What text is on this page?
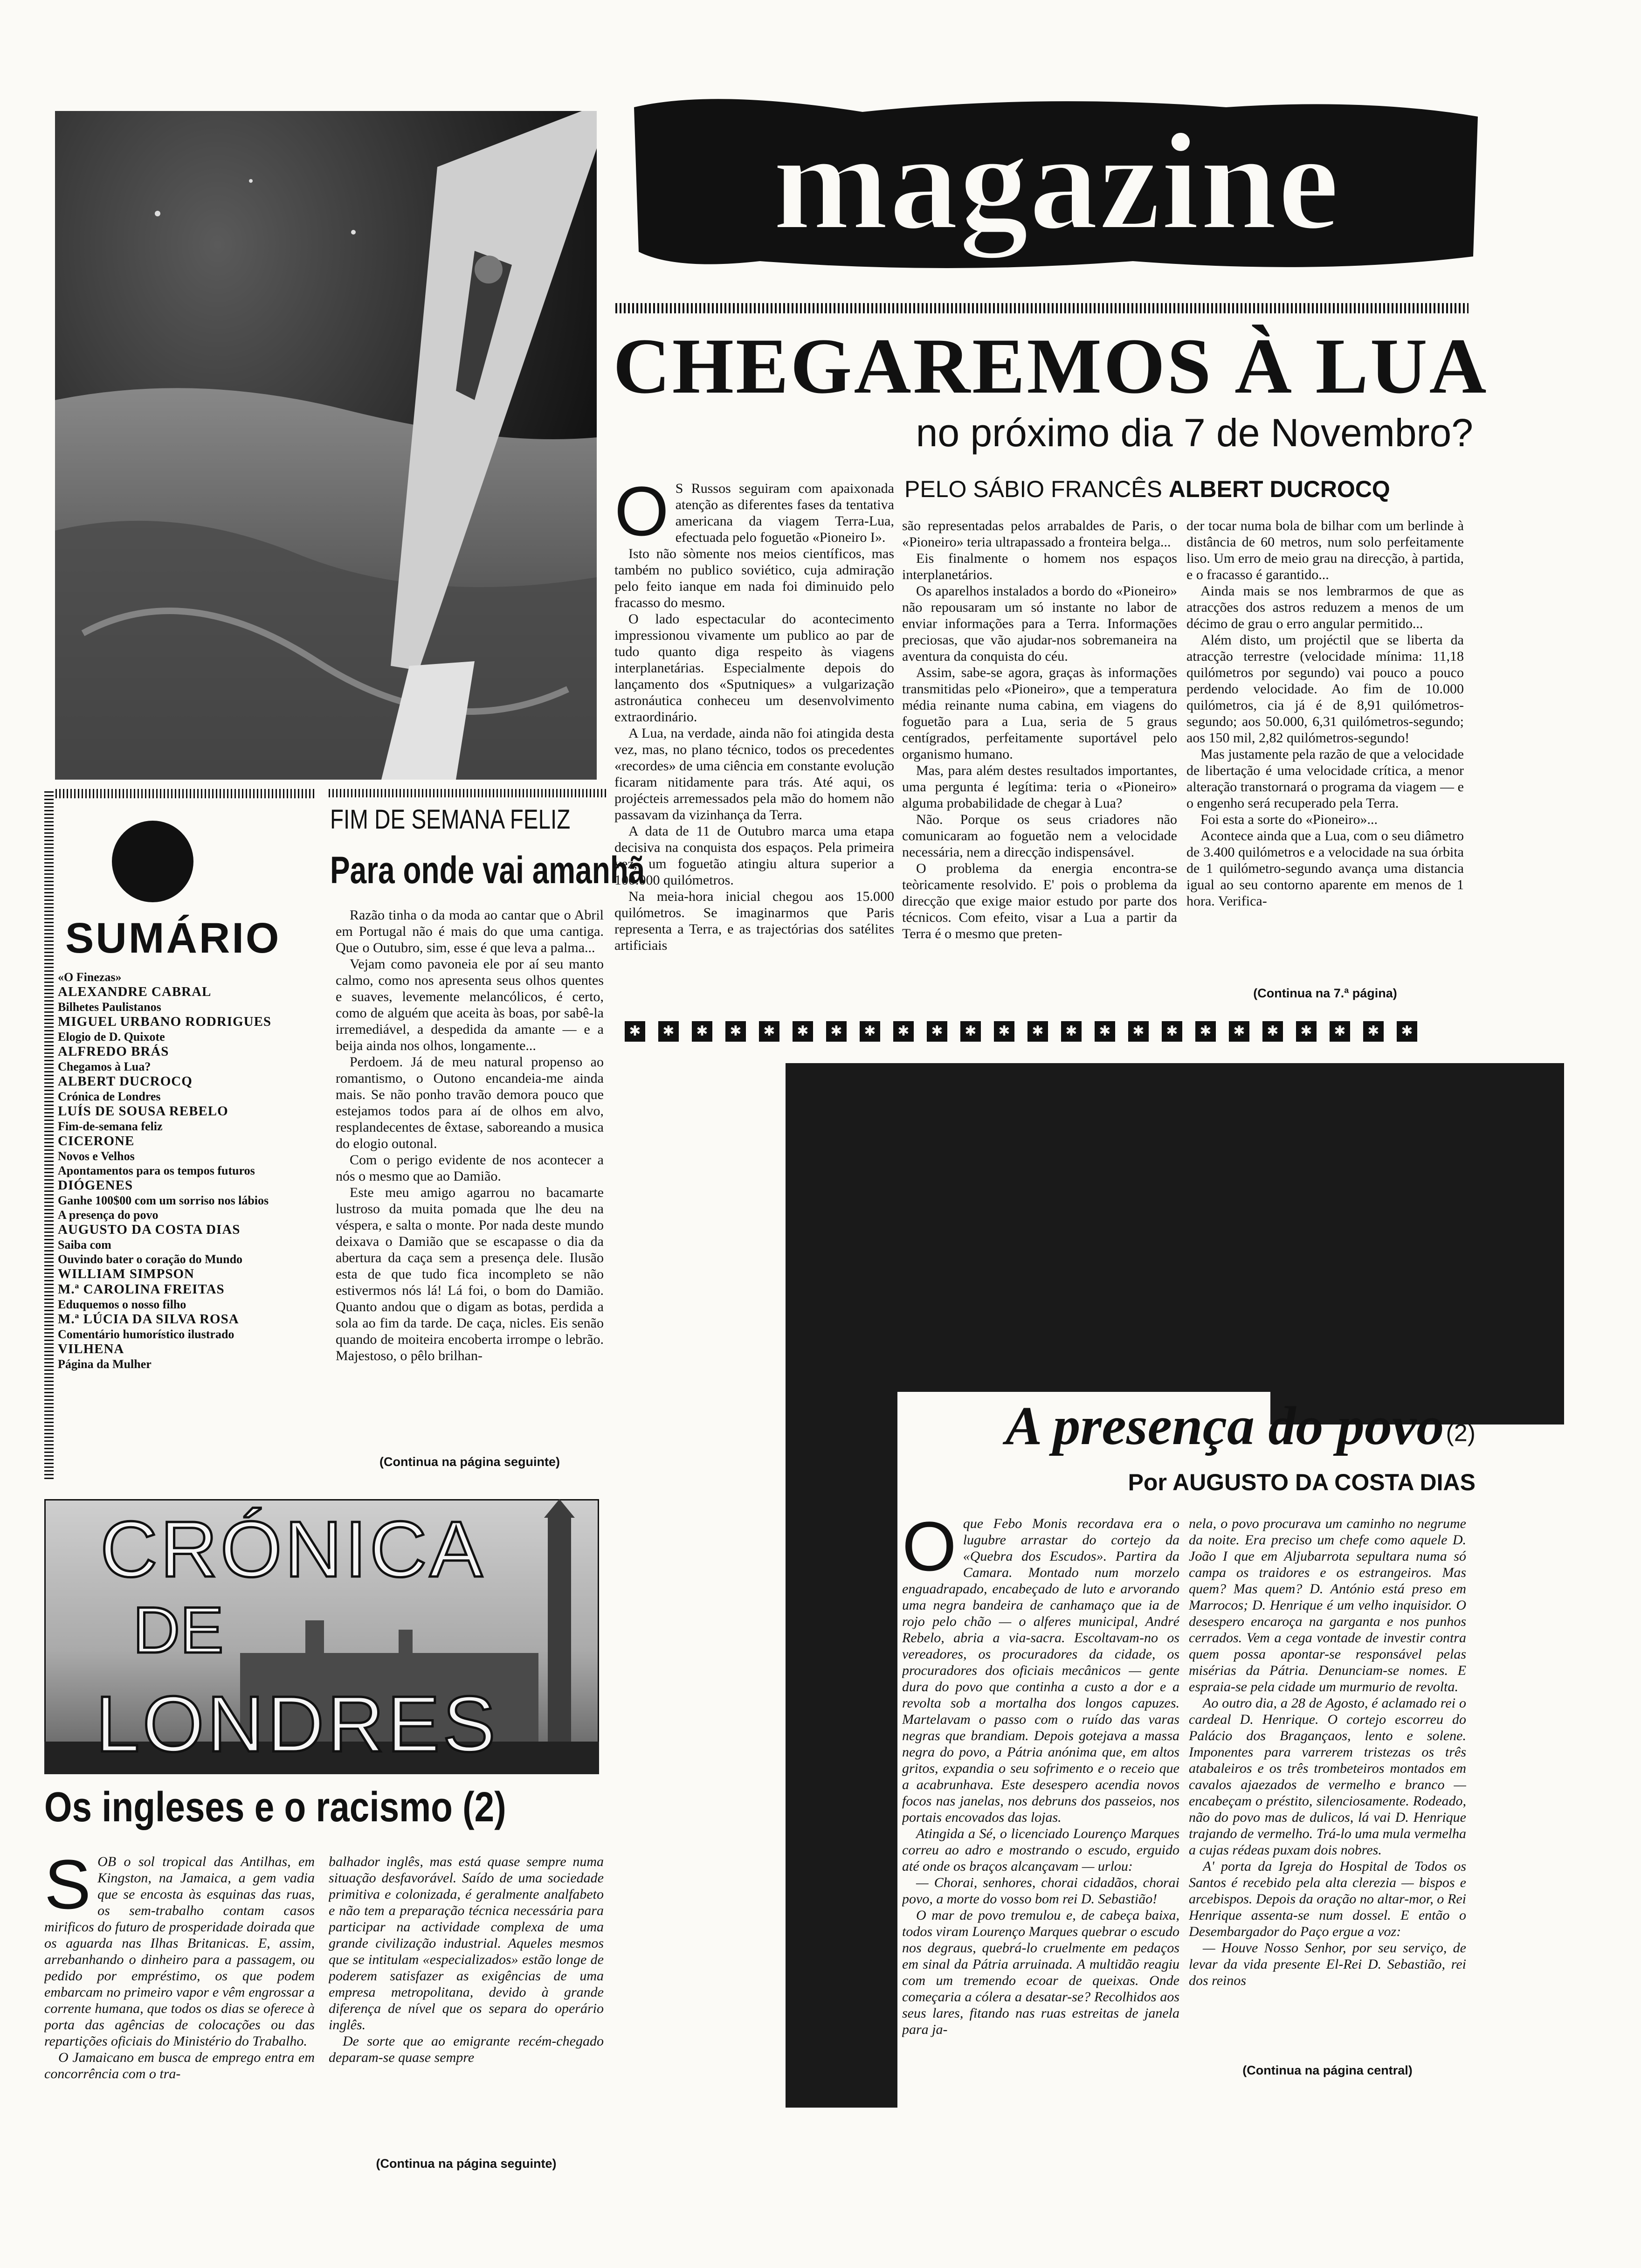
magazine
CHEGAREMOS À LUA
no próximo dia 7 de Novembro?
PELO SÁBIO FRANCÊS ALBERT DUCROCQ

O S Russos seguiram com apaixonada atenção as diferentes fases da tentativa americana da viagem Terra-Lua, efectuada pelo foguetão «Pioneiro I».

Isto não sòmente nos meios científicos, mas também no publico soviético, cuja admiração pelo feito ianque em nada foi diminuido pelo fracasso do mesmo.

O lado espectacular do acontecimento impressionou vivamente um publico ao par de tudo quanto diga respeito às viagens interplanetárias. Especialmente depois do lançamento dos «Sputniques» a vulgarização astronáutica conheceu um desenvolvimento extraordinário.

A Lua, na verdade, ainda não foi atingida desta vez, mas, no plano técnico, todos os precedentes «recordes» de uma ciência em constante evolução ficaram nitidamente para trás. Até aqui, os projécteis arremessados pela mão do homem não passavam da vizinhança da Terra.

A data de 11 de Outubro marca uma etapa decisiva na conquista dos espaços. Pela primeira vez, um foguetão atingiu altura superior a 100.000 quilómetros.

Na meia-hora inicial chegou aos 15.000 quilómetros. Se imaginarmos que Paris representa a Terra, e as trajectórias dos satélites artificiais

são representadas pelos arrabaldes de Paris, o «Pioneiro» teria ultrapassado a fronteira belga...

Eis finalmente o homem nos espaços interplanetários.

Os aparelhos instalados a bordo do «Pioneiro» não repousaram um só instante no labor de enviar informações para a Terra. Informações preciosas, que vão ajudar-nos sobremaneira na aventura da conquista do céu.

Assim, sabe-se agora, graças às informações transmitidas pelo «Pioneiro», que a temperatura média reinante numa cabina, em viagens do foguetão para a Lua, seria de 5 graus centígrados, perfeitamente suportável pelo organismo humano.

Mas, para além destes resultados importantes, uma pergunta é legítima: teria o «Pioneiro» alguma probabilidade de chegar à Lua?

Não. Porque os seus criadores não comunicaram ao foguetão nem a velocidade necessária, nem a direcção indispensável.

O problema da energia encontra-se teòricamente resolvido. E' pois o problema da direcção que exige maior estudo por parte dos técnicos. Com efeito, visar a Lua a partir da Terra é o mesmo que preten-

der tocar numa bola de bilhar com um berlinde à distância de 60 metros, num solo perfeitamente liso. Um erro de meio grau na direcção, à partida, e o fracasso é garantido...

Ainda mais se nos lembrarmos de que as atracções dos astros reduzem a menos de um décimo de grau o erro angular permitido...

Além disto, um projéctil que se liberta da atracção terrestre (velocidade mínima: 11,18 quilómetros por segundo) vai pouco a pouco perdendo velocidade. Ao fim de 10.000 quilómetros, cia já é de 8,91 quilómetros-segundo; aos 50.000, 6,31 quilómetros-segundo; aos 150 mil, 2,82 quilómetros-segundo!

Mas justamente pela razão de que a velocidade de libertação é uma velocidade crítica, a menor alteração transtornará o programa da viagem — e o engenho será recuperado pela Terra.

Foi esta a sorte do «Pioneiro»...

Acontece ainda que a Lua, com o seu diâmetro de 3.400 quilómetros e a velocidade na sua órbita de 1 quilómetro-segundo avança uma distancia igual ao seu contorno aparente em menos de 1 hora. Verifica-

(Continua na 7.ª página)
✱ ✱ ✱ ✱ ✱ ✱ ✱ ✱ ✱ ✱ ✱ ✱ ✱ ✱ ✱ ✱ ✱ ✱ ✱ ✱ ✱ ✱ ✱ ✱
SUMÁRIO
«O Finezas»
ALEXANDRE CABRAL
Bilhetes Paulistanos
MIGUEL URBANO RODRIGUES
Elogio de D. Quixote
ALFREDO BRÁS
Chegamos à Lua?
ALBERT DUCROCQ
Crónica de Londres
LUÍS DE SOUSA REBELO
Fim-de-semana feliz
CICERONE
Novos e Velhos
Apontamentos para os tempos futuros
DIÓGENES
Ganhe 100$00 com um sorriso nos lábios
A presença do povo
AUGUSTO DA COSTA DIAS
Saiba com
Ouvindo bater o coração do Mundo
WILLIAM SIMPSON
M.ª CAROLINA FREITAS
Eduquemos o nosso filho
M.ª LÚCIA DA SILVA ROSA
Comentário humorístico ilustrado
VILHENA
Página da Mulher
FIM DE SEMANA FELIZ
Para onde vai amanhã

Razão tinha o da moda ao cantar que o Abril em Portugal não é mais do que uma cantiga. Que o Outubro, sim, esse é que leva a palma...

Vejam como pavoneia ele por aí seu manto calmo, como nos apresenta seus olhos quentes e suaves, levemente melancólicos, é certo, como de alguém que aceita às boas, por sabê-la irremediável, a despedida da amante — e a beija ainda nos olhos, longamente...

Perdoem. Já de meu natural propenso ao romantismo, o Outono encandeia-me ainda mais. Se não ponho travão demora pouco que estejamos todos para aí de olhos em alvo, resplandecentes de êxtase, saboreando a musica do elogio outonal.

Com o perigo evidente de nos acontecer a nós o mesmo que ao Damião.

Este meu amigo agarrou no bacamarte lustroso da muita pomada que lhe deu na véspera, e salta o monte. Por nada deste mundo deixava o Damião que se escapasse o dia da abertura da caça sem a presença dele. Ilusão esta de que tudo fica incompleto se não estivermos nós lá! Lá foi, o bom do Damião. Quanto andou que o digam as botas, perdida a sola ao fim da tarde. De caça, nicles. Eis senão quando de moiteira encoberta irrompe o lebrão. Majestoso, o pêlo brilhan-

(Continua na página seguinte)
CRÓNICA
DE
LONDRES
Os ingleses e o racismo (2)

SOB o sol tropical das Antilhas, em Kingston, na Jamaica, a gem vadia que se encosta às esquinas das ruas, os sem-trabalho contam casos mirificos do futuro de prosperidade doirada que os aguarda nas Ilhas Britanicas. E, assim, arrebanhando o dinheiro para a passagem, ou pedido por empréstimo, os que podem embarcam no primeiro vapor e vêm engrossar a corrente humana, que todos os dias se oferece à porta das agências de colocações ou das repartições oficiais do Ministério do Trabalho.

O Jamaicano em busca de emprego entra em concorrência com o tra-

balhador inglês, mas está quase sempre numa situação desfavorável. Saído de uma sociedade primitiva e colonizada, é geralmente analfabeto e não tem a preparação técnica necessária para participar na actividade complexa de uma grande civilização industrial. Aqueles mesmos que se intitulam «especializados» estão longe de poderem satisfazer as exigências de uma empresa metropolitana, devido à grande diferença de nível que os separa do operário inglês.

De sorte que ao emigrante recém-chegado deparam-se quase sempre

(Continua na página seguinte)
A presença do povo $^{(2)}$
Por AUGUSTO DA COSTA DIAS

Oque Febo Monis recordava era o lugubre arrastar do cortejo da «Quebra dos Escudos». Partira da Camara. Montado num morzelo enguadrapado, encabeçado de luto e arvorando uma negra bandeira de canhamaço que ia de rojo pelo chão — o alferes municipal, André Rebelo, abria a via-sacra. Escoltavam-no os vereadores, os procuradores da cidade, os procuradores dos oficiais mecânicos — gente dura do povo que continha a custo a dor e a revolta sob a mortalha dos longos capuzes. Martelavam o passo com o ruído das varas negras que brandiam. Depois gotejava a massa negra do povo, a Pátria anónima que, em altos gritos, expandia o seu sofrimento e o receio que a acabrunhava. Este desespero acendia novos focos nas janelas, nos debruns dos passeios, nos portais encovados das lojas.

Atingida a Sé, o licenciado Lourenço Marques correu ao adro e mostrando o escudo, erguido até onde os braços alcançavam — urlou:

— Chorai, senhores, chorai cidadãos, chorai povo, a morte do vosso bom rei D. Sebastião!

O mar de povo tremulou e, de cabeça baixa, todos viram Lourenço Marques quebrar o escudo nos degraus, quebrá-lo cruelmente em pedaços em sinal da Pátria arruinada. A multidão reagiu com um tremendo ecoar de queixas. Onde começaria a cólera a desatar-se? Recolhidos aos seus lares, fitando nas ruas estreitas de janela para ja-

nela, o povo procurava um caminho no negrume da noite. Era preciso um chefe como aquele D. João I que em Aljubarrota sepultara numa só campa os traidores e os estrangeiros. Mas quem? Mas quem? D. António está preso em Marrocos; D. Henrique é um velho inquisidor. O desespero encaroça na garganta e nos punhos cerrados. Vem a cega vontade de investir contra quem possa apontar-se responsável pelas misérias da Pátria. Denunciam-se nomes. E espraia-se pela cidade um murmurio de revolta.

Ao outro dia, a 28 de Agosto, é aclamado rei o cardeal D. Henrique. O cortejo escorreu do Palácio dos Bragançaos, lento e solene. Imponentes para varrerem tristezas os três atabaleiros e os três trombeteiros montados em cavalos ajaezados de vermelho e branco — encabeçam o préstito, silenciosamente. Rodeado, não do povo mas de dulicos, lá vai D. Henrique trajando de vermelho. Trá-lo uma mula vermelha a cujas rédeas puxam dois nobres.

A' porta da Igreja do Hospital de Todos os Santos é recebido pela alta clerezia — bispos e arcebispos. Depois da oração no altar-mor, o Rei Henrique assenta-se num dossel. E então o Desembargador do Paço ergue a voz:

— Houve Nosso Senhor, por seu serviço, de levar da vida presente El-Rei D. Sebastião, rei dos reinos

(Continua na página central)
